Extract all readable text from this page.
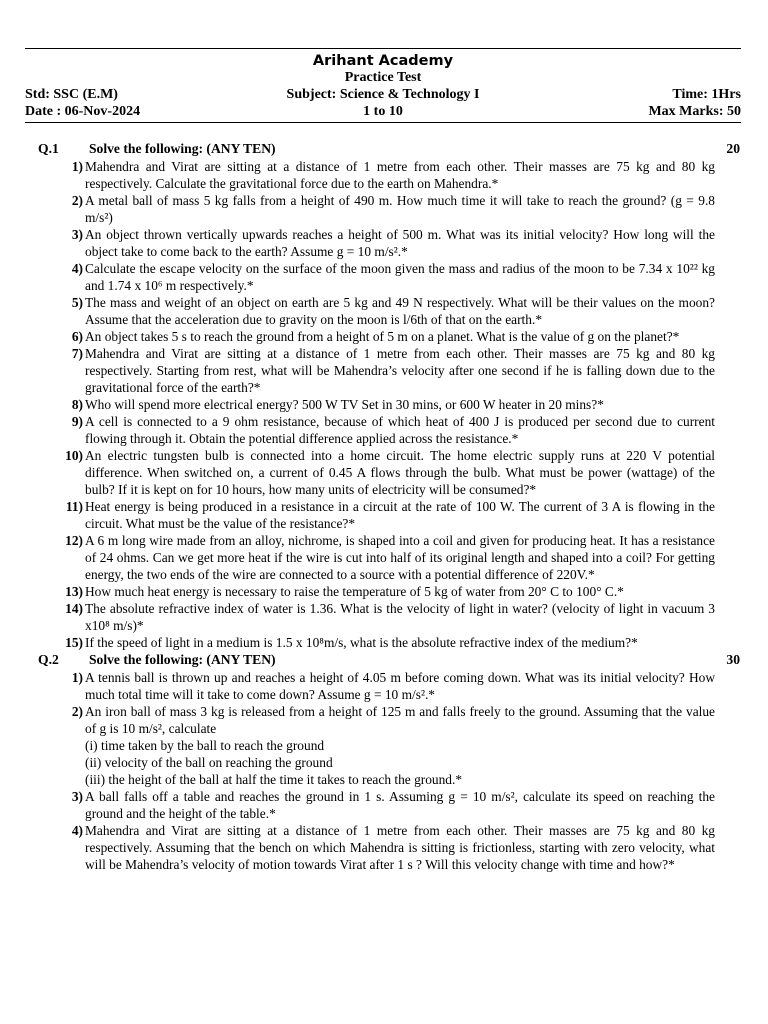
Arihant Academy
Practice Test
Std: SSC (E.M)	Subject: Science & Technology I	Time: 1Hrs
Date : 06-Nov-2024	1 to 10	Max Marks: 50
Q.1 Solve the following: (ANY TEN)	20
1) Mahendra and Virat are sitting at a distance of 1 metre from each other. Their masses are 75 kg and 80 kg respectively. Calculate the gravitational force due to the earth on Mahendra.*

2) A metal ball of mass 5 kg falls from a height of 490 m. How much time it will take to reach the ground? (g = 9.8 m/s²)

3) An object thrown vertically upwards reaches a height of 500 m. What was its initial velocity? How long will the object take to come back to the earth? Assume g = 10 m/s².*

4) Calculate the escape velocity on the surface of the moon given the mass and radius of the moon to be 7.34 x 10²² kg and 1.74 x 10⁶ m respectively.*

5) The mass and weight of an object on earth are 5 kg and 49 N respectively. What will be their values on the moon? Assume that the acceleration due to gravity on the moon is l/6th of that on the earth.*

6) An object takes 5 s to reach the ground from a height of 5 m on a planet. What is the value of g on the planet?*

7) Mahendra and Virat are sitting at a distance of 1 metre from each other. Their masses are 75 kg and 80 kg respectively. Starting from rest, what will be Mahendra’s velocity after one second if he is falling down due to the gravitational force of the earth?*

8) Who will spend more electrical energy? 500 W TV Set in 30 mins, or 600 W heater in 20 mins?*

9) A cell is connected to a 9 ohm resistance, because of which heat of 400 J is produced per second due to current flowing through it. Obtain the potential difference applied across the resistance.*

10) An electric tungsten bulb is connected into a home circuit. The home electric supply runs at 220 V potential difference. When switched on, a current of 0.45 A flows through the bulb. What must be power (wattage) of the bulb? If it is kept on for 10 hours, how many units of electricity will be consumed?*

11) Heat energy is being produced in a resistance in a circuit at the rate of 100 W. The current of 3 A is flowing in the circuit. What must be the value of the resistance?*

12) A 6 m long wire made from an alloy, nichrome, is shaped into a coil and given for producing heat. It has a resistance of 24 ohms. Can we get more heat if the wire is cut into half of its original length and shaped into a coil? For getting energy, the two ends of the wire are connected to a source with a potential difference of 220V.*

13) How much heat energy is necessary to raise the temperature of 5 kg of water from 20° C to 100° C.*

14) The absolute refractive index of water is 1.36. What is the velocity of light in water? (velocity of light in vacuum 3 x10⁸ m/s)*

15) If the speed of light in a medium is 1.5 x 10⁸m/s, what is the absolute refractive index of the medium?*

Q.2 Solve the following: (ANY TEN)	30
1) A tennis ball is thrown up and reaches a height of 4.05 m before coming down. What was its initial velocity? How much total time will it take to come down? Assume g = 10 m/s².*

2) An iron ball of mass 3 kg is released from a height of 125 m and falls freely to the ground. Assuming that the value of g is 10 m/s², calculate

(i) time taken by the ball to reach the ground
(ii) velocity of the ball on reaching the ground
(iii) the height of the ball at half the time it takes to reach the ground.*
3) A ball falls off a table and reaches the ground in 1 s. Assuming g = 10 m/s², calculate its speed on reaching the ground and the height of the table.*

4) Mahendra and Virat are sitting at a distance of 1 metre from each other. Their masses are 75 kg and 80 kg respectively. Assuming that the bench on which Mahendra is sitting is frictionless, starting with zero velocity, what will be Mahendra’s velocity of motion towards Virat after 1 s ? Will this velocity change with time and how?*
